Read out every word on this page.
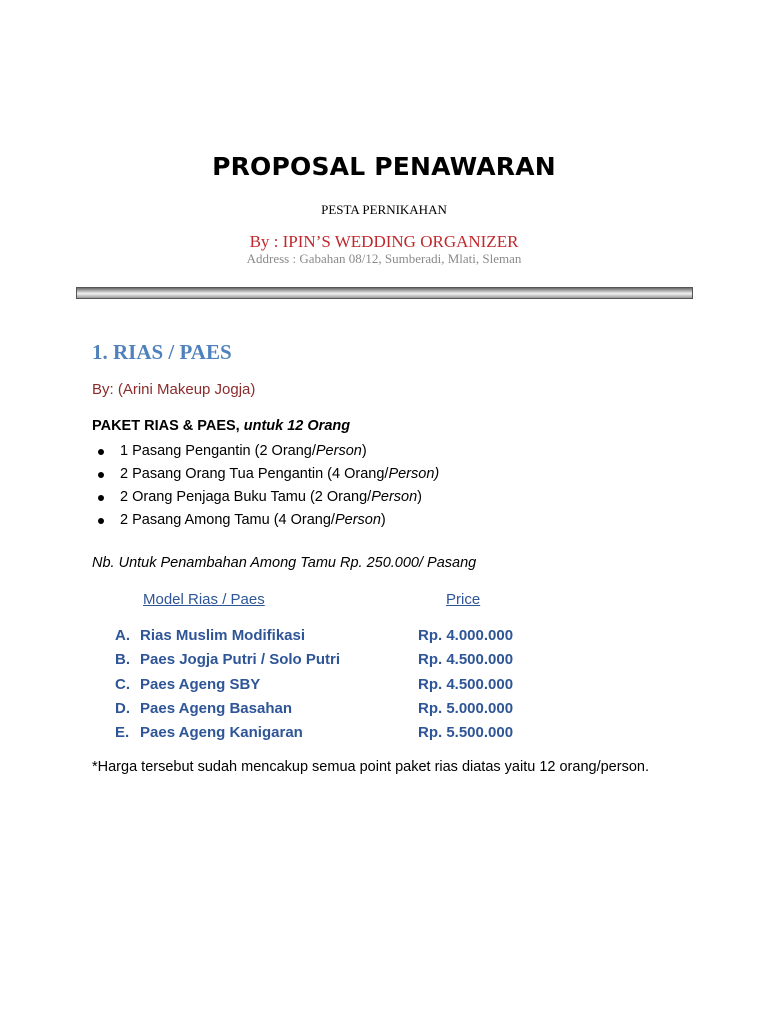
PROPOSAL PENAWARAN
PESTA PERNIKAHAN
By : IPIN’S WEDDING ORGANIZER
Address : Gabahan 08/12, Sumberadi, Mlati, Sleman
1. RIAS / PAES
By: (Arini Makeup Jogja)
PAKET RIAS & PAES, untuk 12 Orang
1 Pasang Pengantin (2 Orang/Person)
2 Pasang Orang Tua Pengantin (4 Orang/Person)
2 Orang Penjaga Buku Tamu (2 Orang/Person)
2 Pasang Among Tamu (4 Orang/Person)
Nb. Untuk Penambahan Among Tamu Rp. 250.000/ Pasang
Model Rias / Paes	Price
A. Rias Muslim Modifikasi	Rp. 4.000.000
B. Paes Jogja Putri / Solo Putri	Rp. 4.500.000
C. Paes Ageng SBY	Rp. 4.500.000
D. Paes Ageng Basahan	Rp. 5.000.000
E. Paes Ageng Kanigaran	Rp. 5.500.000
*Harga tersebut sudah mencakup semua point paket rias diatas yaitu 12 orang/person.
